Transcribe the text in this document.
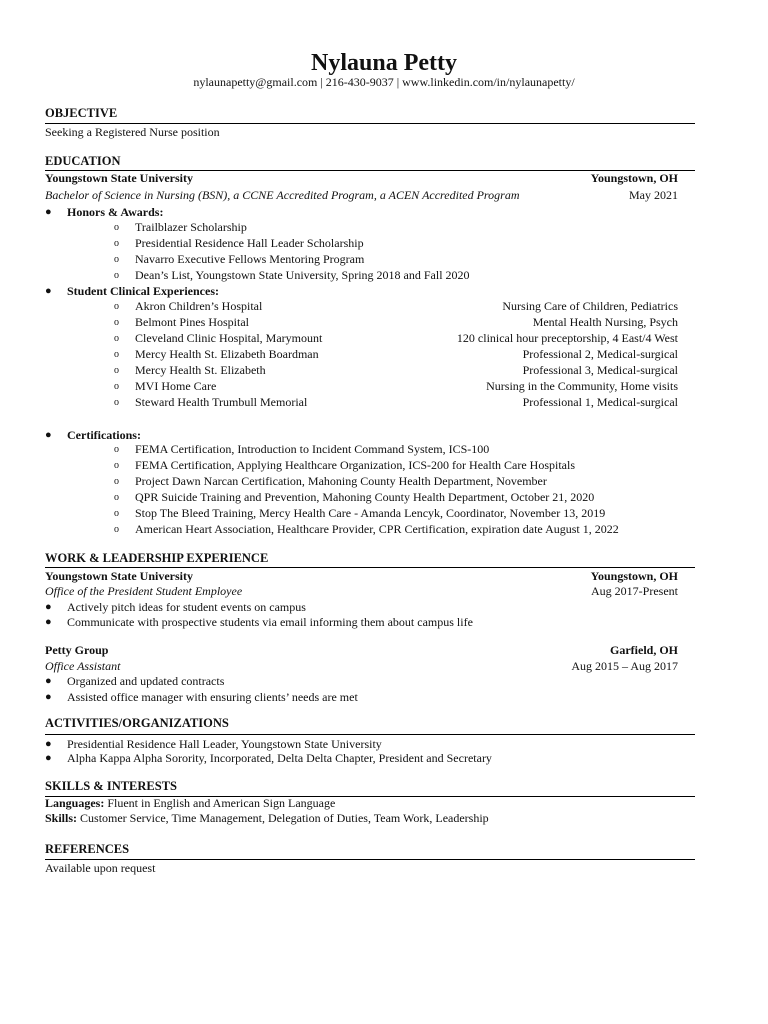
Nylauna Petty
nylaunapetty@gmail.com | 216-430-9037 | www.linkedin.com/in/nylaunapetty/
OBJECTIVE
Seeking a Registered Nurse position
EDUCATION
Youngstown State University	Youngstown, OH
Bachelor of Science in Nursing (BSN), a CCNE Accredited Program, a ACEN Accredited Program	May 2021
● Honors & Awards:
o Trailblazer Scholarship
o Presidential Residence Hall Leader Scholarship
o Navarro Executive Fellows Mentoring Program
o Dean’s List, Youngstown State University, Spring 2018 and Fall 2020
● Student Clinical Experiences:
o Akron Children’s Hospital	Nursing Care of Children, Pediatrics
o Belmont Pines Hospital	Mental Health Nursing, Psych
o Cleveland Clinic Hospital, Marymount	120 clinical hour preceptorship, 4 East/4 West
o Mercy Health St. Elizabeth Boardman	Professional 2, Medical-surgical
o Mercy Health St. Elizabeth	Professional 3, Medical-surgical
o MVI Home Care	Nursing in the Community, Home visits
o Steward Health Trumbull Memorial	Professional 1, Medical-surgical
● Certifications:
o FEMA Certification, Introduction to Incident Command System, ICS-100
o FEMA Certification, Applying Healthcare Organization, ICS-200 for Health Care Hospitals
o Project Dawn Narcan Certification, Mahoning County Health Department, November
o QPR Suicide Training and Prevention, Mahoning County Health Department, October 21, 2020
o Stop The Bleed Training, Mercy Health Care - Amanda Lencyk, Coordinator, November 13, 2019
o American Heart Association, Healthcare Provider, CPR Certification, expiration date August 1, 2022
WORK & LEADERSHIP EXPERIENCE
Youngstown State University	Youngstown, OH
Office of the President Student Employee	Aug 2017-Present
● Actively pitch ideas for student events on campus
● Communicate with prospective students via email informing them about campus life
Petty Group	Garfield, OH
Office Assistant	Aug 2015 – Aug 2017
● Organized and updated contracts
● Assisted office manager with ensuring clients’ needs are met
ACTIVITIES/ORGANIZATIONS
● Presidential Residence Hall Leader, Youngstown State University
● Alpha Kappa Alpha Sorority, Incorporated, Delta Delta Chapter, President and Secretary
SKILLS & INTERESTS
Languages: Fluent in English and American Sign Language
Skills: Customer Service, Time Management, Delegation of Duties, Team Work, Leadership
REFERENCES
Available upon request
